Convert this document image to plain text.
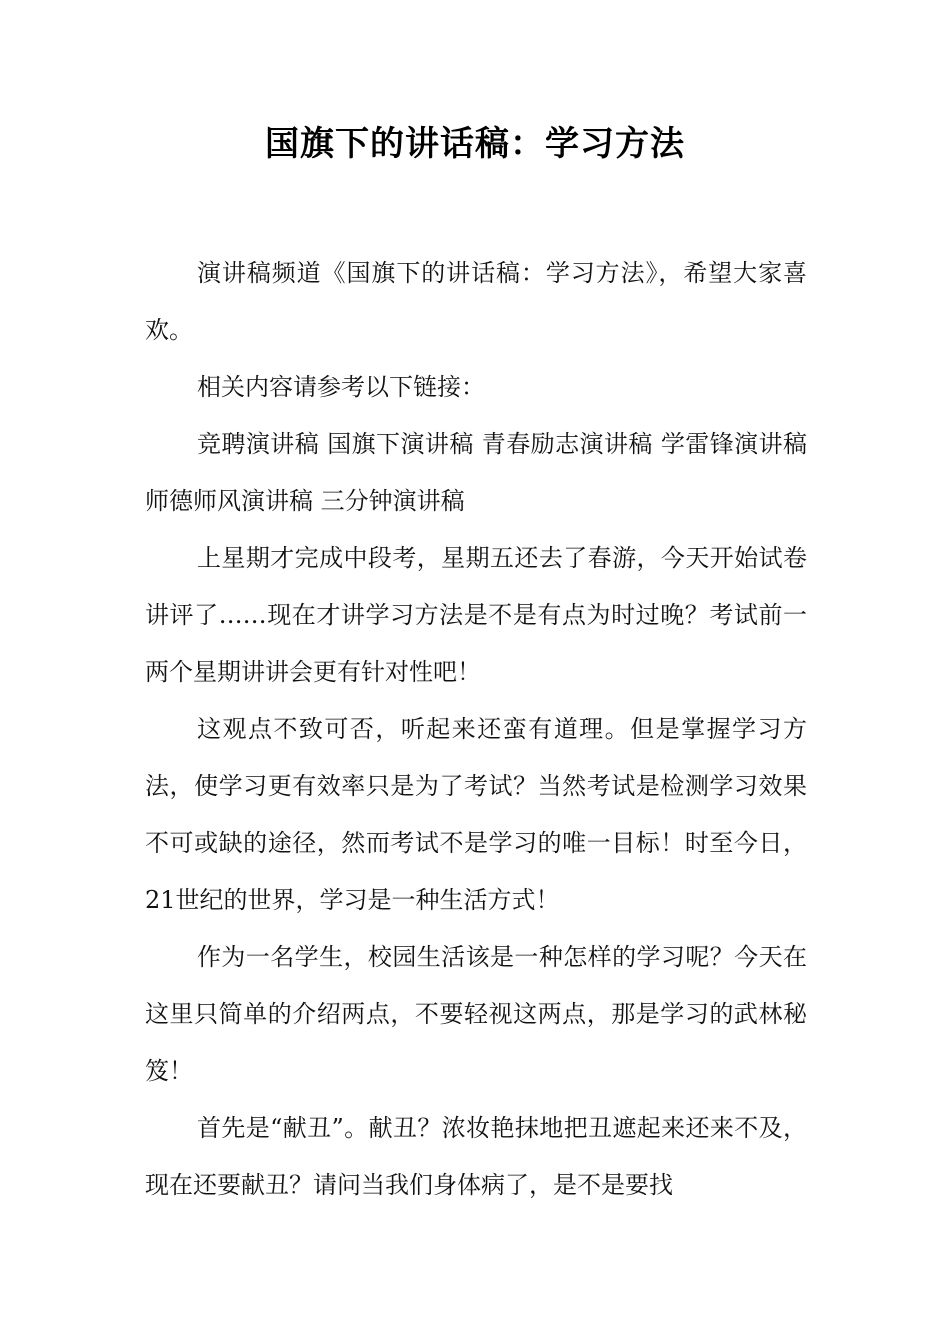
国旗下的讲话稿：学习方法

演讲稿频道《国旗下的讲话稿：学习方法》，希望大家喜欢。

相关内容请参考以下链接：

竞聘演讲稿 国旗下演讲稿 青春励志演讲稿 学雷锋演讲稿 师德师风演讲稿 三分钟演讲稿

上星期才完成中段考，星期五还去了春游，今天开始试卷讲评了……现在才讲学习方法是不是有点为时过晚？考试前一两个星期讲讲会更有针对性吧！

这观点不致可否，听起来还蛮有道理。但是掌握学习方法，使学习更有效率只是为了考试？当然考试是检测学习效果不可或缺的途径，然而考试不是学习的唯一目标！时至今日，21世纪的世界，学习是一种生活方式！

作为一名学生，校园生活该是一种怎样的学习呢？今天在这里只简单的介绍两点，不要轻视这两点，那是学习的武林秘笈！

首先是“献丑”。献丑？浓妆艳抹地把丑遮起来还来不及，现在还要献丑？请问当我们身体病了，是不是要找
